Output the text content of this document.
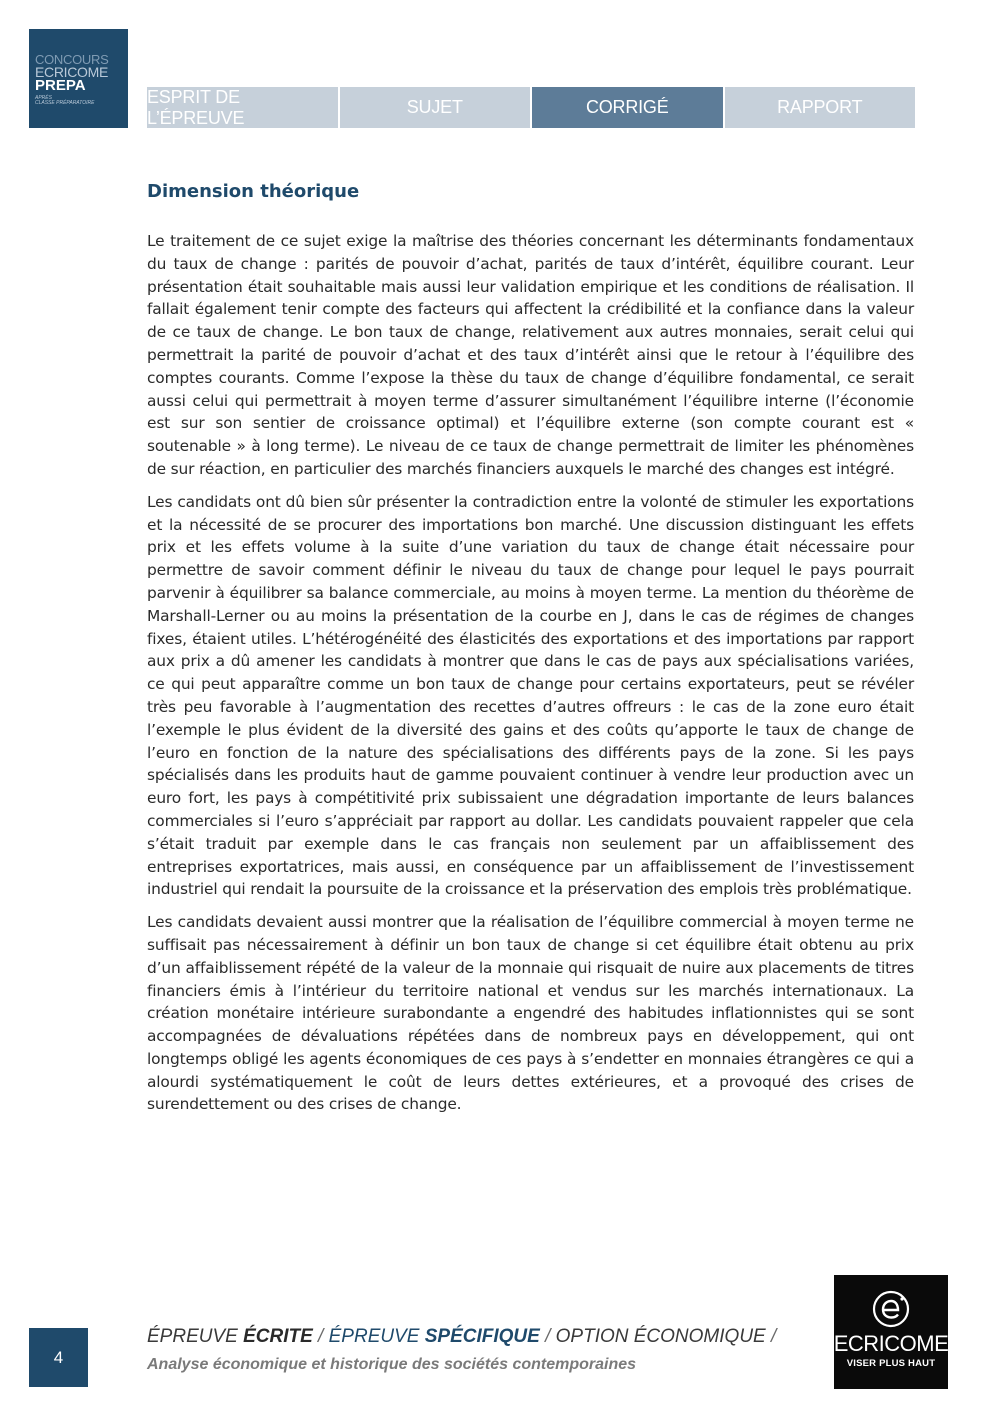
CONCOURS
ECRICOME
PREPA
APRÈS
CLASSE PRÉPARATOIRE	ESPRIT DE L’ÉPREUVE
SUJET	CORRIGÉ	RAPPORT
Dimension théorique

Le traitement de ce sujet exige la maîtrise des théories concernant les déterminants fondamentaux du taux de change : parités de pouvoir d’achat, parités de taux d’intérêt, équilibre courant. Leur présentation était souhaitable mais aussi leur validation empirique et les conditions de réalisation. Il fallait également tenir compte des facteurs qui affectent la crédibilité et la confiance dans la valeur de ce taux de change. Le bon taux de change, relativement aux autres monnaies, serait celui qui permettrait la parité de pouvoir d’achat et des taux d’intérêt ainsi que le retour à l’équilibre des comptes courants. Comme l’expose la thèse du taux de change d’équilibre fondamental, ce serait aussi celui qui permettrait à moyen terme d’assurer simultanément l’équilibre interne (l’économie est sur son sentier de croissance optimal) et l’équilibre externe (son compte courant est « soutenable » à long terme). Le niveau de ce taux de change permettrait de limiter les phénomènes de sur réaction, en particulier des marchés financiers auxquels le marché des changes est intégré.

Les candidats ont dû bien sûr présenter la contradiction entre la volonté de stimuler les exportations et la nécessité de se procurer des importations bon marché. Une discussion distinguant les effets prix et les effets volume à la suite d’une variation du taux de change était nécessaire pour permettre de savoir comment définir le niveau du taux de change pour lequel le pays pourrait parvenir à équilibrer sa balance commerciale, au moins à moyen terme. La mention du théorème de Marshall-Lerner ou au moins la présentation de la courbe en J, dans le cas de régimes de changes fixes, étaient utiles. L’hétérogénéité des élasticités des exportations et des importations par rapport aux prix a dû amener les candidats à montrer que dans le cas de pays aux spécialisations variées, ce qui peut apparaître comme un bon taux de change pour certains exportateurs, peut se révéler très peu favorable à l’augmentation des recettes d’autres offreurs : le cas de la zone euro était l’exemple le plus évident de la diversité des gains et des coûts qu’apporte le taux de change de l’euro en fonction de la nature des spécialisations des différents pays de la zone. Si les pays spécialisés dans les produits haut de gamme pouvaient continuer à vendre leur production avec un euro fort, les pays à compétitivité prix subissaient une dégradation importante de leurs balances commerciales si l’euro s’appréciait par rapport au dollar. Les candidats pouvaient rappeler que cela s’était traduit par exemple dans le cas français non seulement par un affaiblissement des entreprises exportatrices, mais aussi, en conséquence par un affaiblissement de l’investissement industriel qui rendait la poursuite de la croissance et la préservation des emplois très problématique.

Les candidats devaient aussi montrer que la réalisation de l’équilibre commercial à moyen terme ne suffisait pas nécessairement à définir un bon taux de change si cet équilibre était obtenu au prix d’un affaiblissement répété de la valeur de la monnaie qui risquait de nuire aux placements de titres financiers émis à l’intérieur du territoire national et vendus sur les marchés internationaux. La création monétaire intérieure surabondante a engendré des habitudes inflationnistes qui se sont accompagnées de dévaluations répétées dans de nombreux pays en développement, qui ont longtemps obligé les agents économiques de ces pays à s’endetter en monnaies étrangères ce qui a alourdi systématiquement le coût de leurs dettes extérieures, et a provoqué des crises de surendettement ou des crises de change.

4
ÉPREUVE ÉCRITE / ÉPREUVE SPÉCIFIQUE / OPTION ÉCONOMIQUE /
Analyse économique et historique des sociétés contemporaines
ECRICOME
VISER PLUS HAUT
